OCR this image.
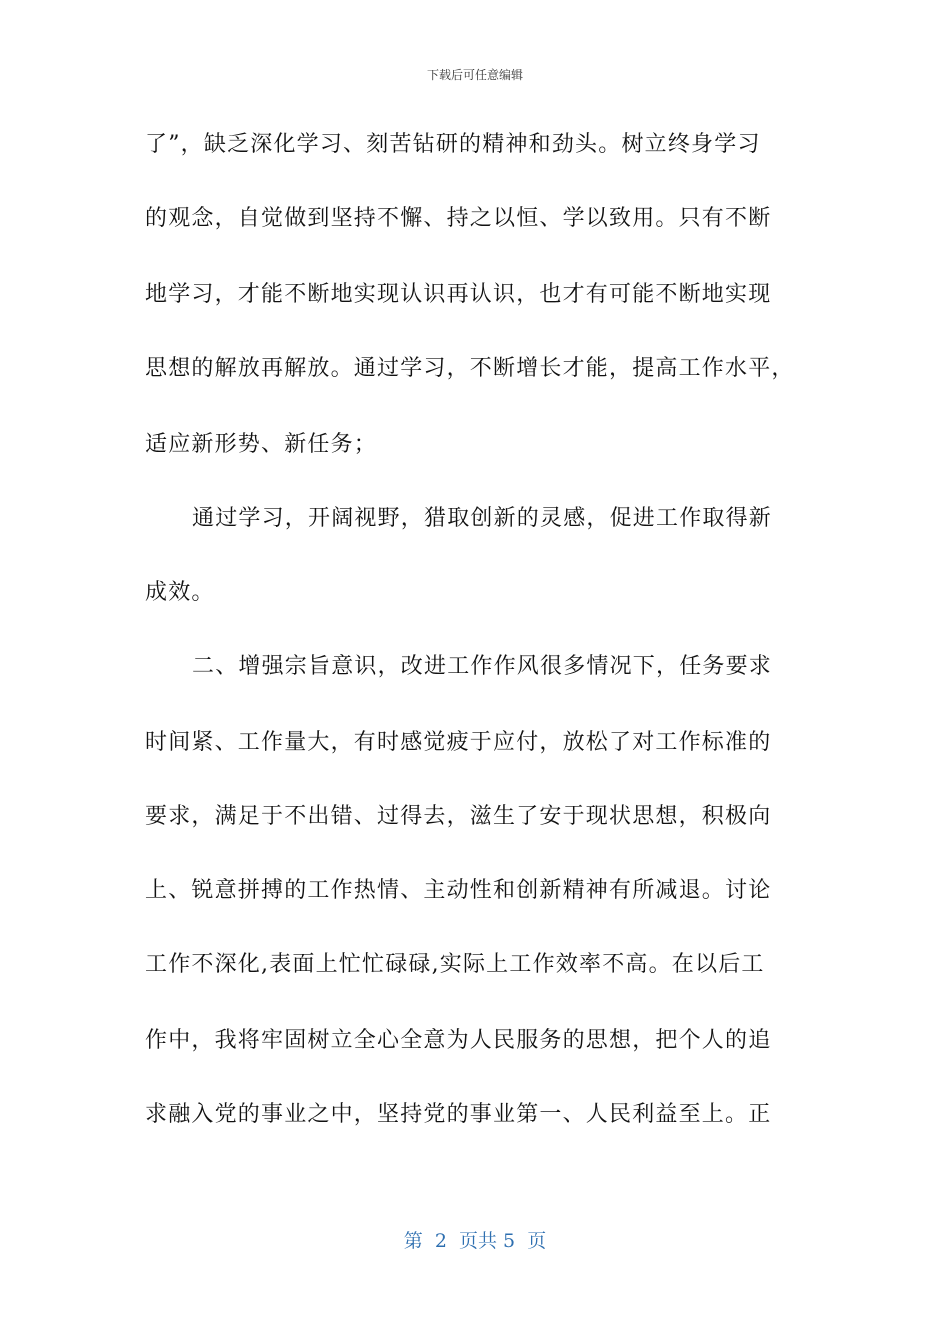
下载后可任意编辑
了”，缺乏深化学习、刻苦钻研的精神和劲头。树立终身学习
的观念，自觉做到坚持不懈、持之以恒、学以致用。只有不断
地学习，才能不断地实现认识再认识，也才有可能不断地实现
思想的解放再解放。通过学习，不断增长才能，提高工作水平，
适应新形势、新任务；
通过学习，开阔视野，猎取创新的灵感，促进工作取得新
成效。
二、增强宗旨意识，改进工作作风很多情况下，任务要求
时间紧、工作量大，有时感觉疲于应付，放松了对工作标准的
要求，满足于不出错、过得去，滋生了安于现状思想，积极向
上、锐意拼搏的工作热情、主动性和创新精神有所减退。讨论
工作不深化,表面上忙忙碌碌,实际上工作效率不高。在以后工
作中，我将牢固树立全心全意为人民服务的思想，把个人的追
求融入党的事业之中，坚持党的事业第一、人民利益至上。正
第  2  页共 5  页
